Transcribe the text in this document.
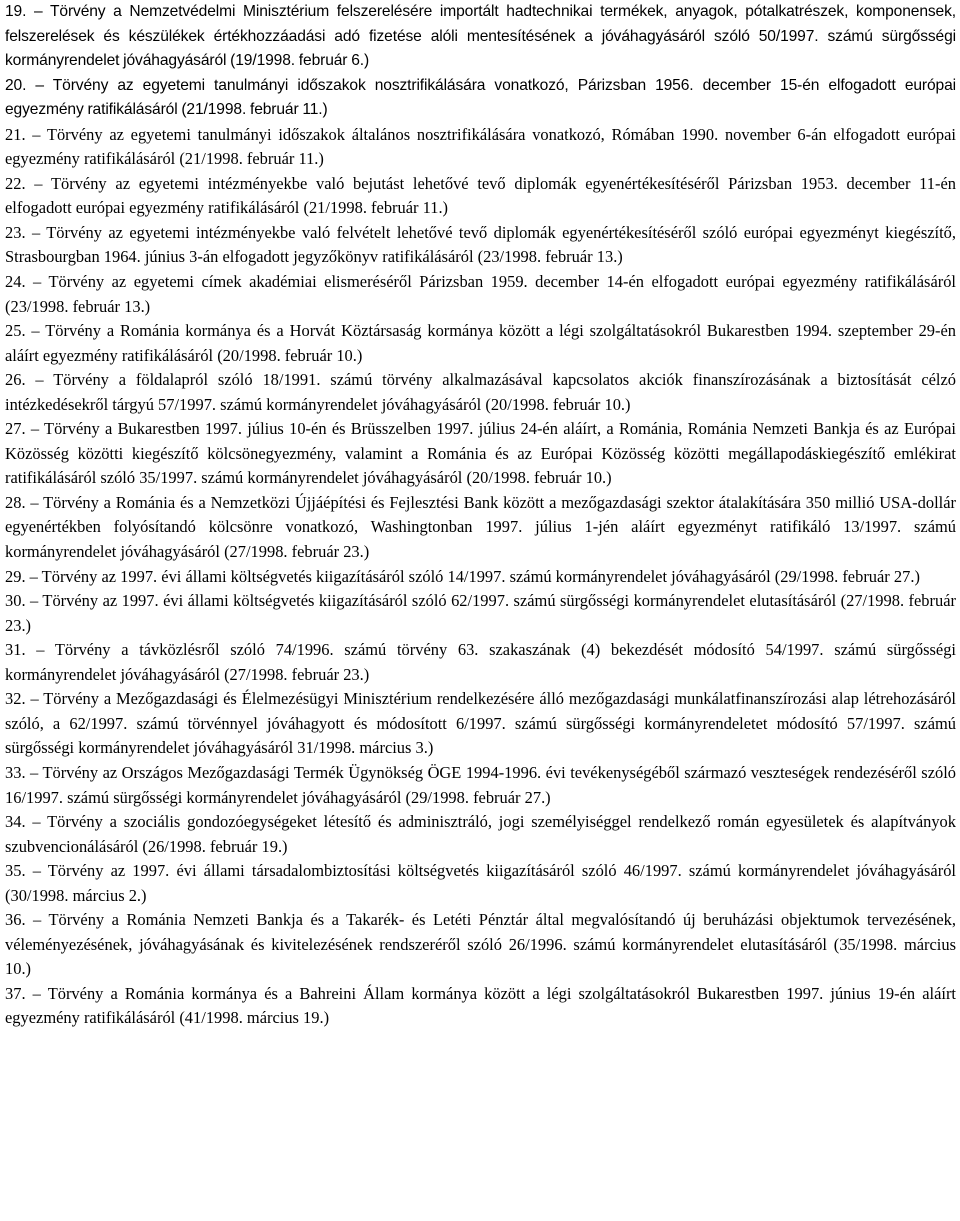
19. – Törvény a Nemzetvédelmi Minisztérium felszerelésére importált hadtechnikai termékek, anyagok, pótalkatrészek, komponensek, felszerelések és készülékek értékhozzáadási adó fizetése alóli mentesítésének a jóváhagyásáról szóló 50/1997. számú sürgősségi kormányrendelet jóváhagyásáról (19/1998. február 6.)

20. – Törvény az egyetemi tanulmányi időszakok nosztrifikálására vonatkozó, Párizsban 1956. december 15-én elfogadott európai egyezmény ratifikálásáról (21/1998. február 11.)

21. – Törvény az egyetemi tanulmányi időszakok általános nosztrifikálására vonatkozó, Rómában 1990. november 6-án elfogadott európai egyezmény ratifikálásáról (21/1998. február 11.)

22. – Törvény az egyetemi intézményekbe való bejutást lehetővé tevő diplomák egyenértékesítéséről Párizsban 1953. december 11-én elfogadott európai egyezmény ratifikálásáról (21/1998. február 11.)

23. – Törvény az egyetemi intézményekbe való felvételt lehetővé tevő diplomák egyenértékesítéséről szóló európai egyezményt kiegészítő, Strasbourgban 1964. június 3-án elfogadott jegyzőkönyv ratifikálásáról (23/1998. február 13.)

24. – Törvény az egyetemi címek akadémiai elismeréséről Párizsban 1959. december 14-én elfogadott európai egyezmény ratifikálásáról (23/1998. február 13.)

25. – Törvény a Románia kormánya és a Horvát Köztársaság kormánya között a légi szolgáltatásokról Bukarestben 1994. szeptember 29-én aláírt egyezmény ratifikálásáról (20/1998. február 10.)

26. – Törvény a földalapról szóló 18/1991. számú törvény alkalmazásával kapcsolatos akciók finanszírozásának a biztosítását célzó intézkedésekről tárgyú 57/1997. számú kormányrendelet jóváhagyásáról (20/1998. február 10.)

27. – Törvény a Bukarestben 1997. július 10-én és Brüsszelben 1997. július 24-én aláírt, a Románia, Románia Nemzeti Bankja és az Európai Közösség közötti kiegészítő kölcsönegyezmény, valamint a Románia és az Európai Közösség közötti megállapodáskiegészítő emlékirat ratifikálásáról szóló 35/1997. számú kormányrendelet jóváhagyásáról (20/1998. február 10.)

28. – Törvény a Románia és a Nemzetközi Újjáépítési és Fejlesztési Bank között a mezőgazdasági szektor átalakítására 350 millió USA-dollár egyenértékben folyósítandó kölcsönre vonatkozó, Washingtonban 1997. július 1-jén aláírt egyezményt ratifikáló 13/1997. számú kormányrendelet jóváhagyásáról (27/1998. február 23.)

29. – Törvény az 1997. évi állami költségvetés kiigazításáról szóló 14/1997. számú kormányrendelet jóváhagyásáról (29/1998. február 27.)

30. – Törvény az 1997. évi állami költségvetés kiigazításáról szóló 62/1997. számú sürgősségi kormányrendelet elutasításáról (27/1998. február 23.)

31. – Törvény a távközlésről szóló 74/1996. számú törvény 63. szakaszának (4) bekezdését módosító 54/1997. számú sürgősségi kormányrendelet jóváhagyásáról (27/1998. február 23.)

32. – Törvény a Mezőgazdasági és Élelmezésügyi Minisztérium rendelkezésére álló mezőgazdasági munkálatfinanszírozási alap létrehozásáról szóló, a 62/1997. számú törvénnyel jóváhagyott és módosított 6/1997. számú sürgősségi kormányrendeletet módosító 57/1997. számú sürgősségi kormányrendelet jóváhagyásáról 31/1998. március 3.)

33. – Törvény az Országos Mezőgazdasági Termék Ügynökség ÖGE 1994-1996. évi tevékenységéből származó veszteségek rendezéséről szóló 16/1997. számú sürgősségi kormányrendelet jóváhagyásáról (29/1998. február 27.)

34. – Törvény a szociális gondozóegységeket létesítő és adminisztráló, jogi személyiséggel rendelkező román egyesületek és alapítványok szubvencionálásáról (26/1998. február 19.)

35. – Törvény az 1997. évi állami társadalombiztosítási költségvetés kiigazításáról szóló 46/1997. számú kormányrendelet jóváhagyásáról (30/1998. március 2.)

36. – Törvény a Románia Nemzeti Bankja és a Takarék- és Letéti Pénztár által megvalósítandó új beruházási objektumok tervezésének, véleményezésének, jóváhagyásának és kivitelezésének rendszeréről szóló 26/1996. számú kormányrendelet elutasításáról (35/1998. március 10.)

37. – Törvény a Románia kormánya és a Bahreini Állam kormánya között a légi szolgáltatásokról Bukarestben 1997. június 19-én aláírt egyezmény ratifikálásáról (41/1998. március 19.)
